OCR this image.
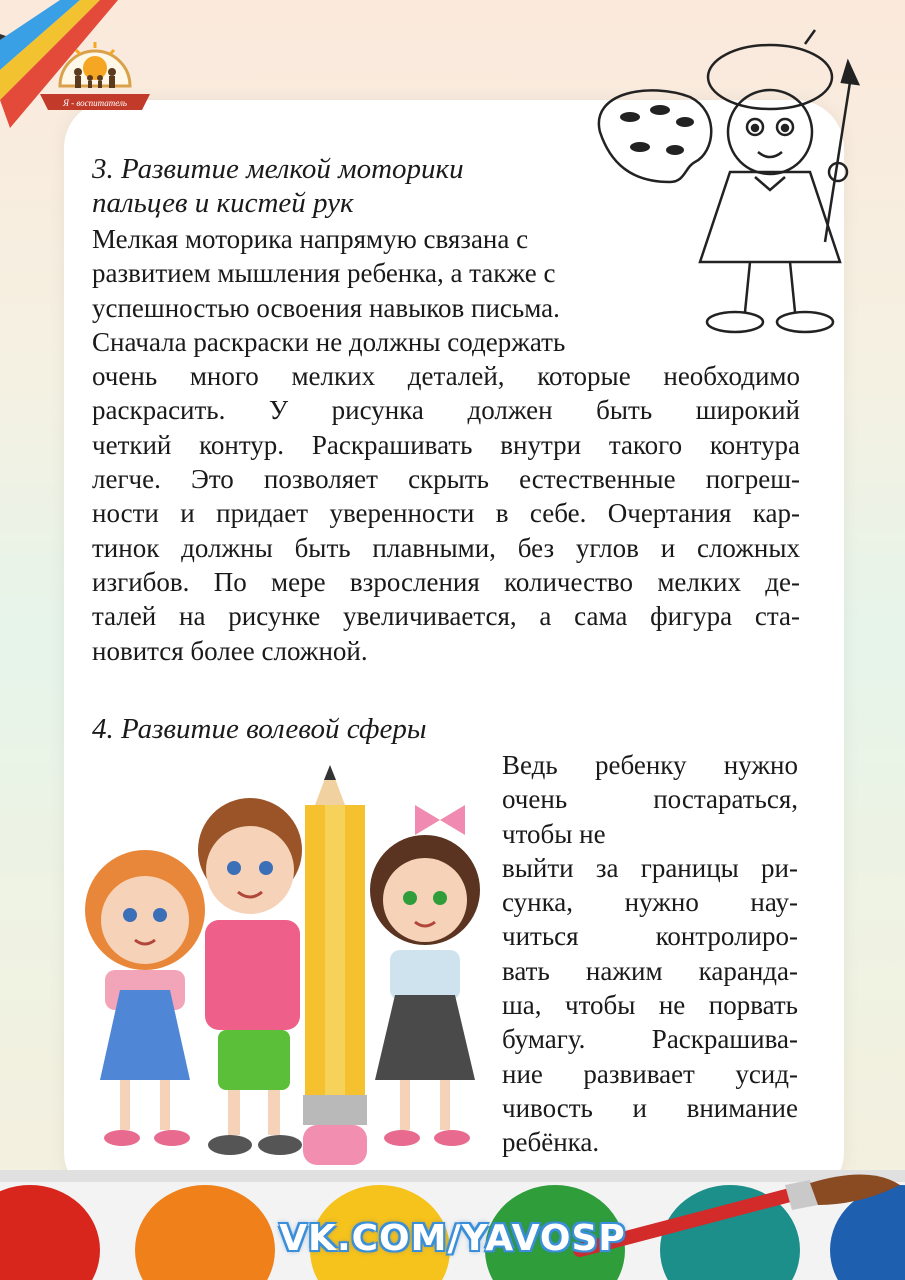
Я - воспитатель
3. Развитие мелкой моторики
пальцев и кистей рук
Мелкая моторика напрямую связана с
развитием мышления ребенка, а также с
успешностью освоения навыков письма.
Сначала раскраски не должны содержать
очень много мелких деталей, которые необходимо
раскрасить. У рисунка должен быть широкий
четкий контур. Раскрашивать внутри такого контура
легче. Это позволяет скрыть естественные погреш-
ности и придает уверенности в себе. Очертания кар-
тинок должны быть плавными, без углов и сложных
изгибов. По мере взросления количество мелких де-
талей на рисунке увеличивается, а сама фигура ста-
новится более сложной.
4. Развитие волевой сферы
Ведь ребенку нужно
очень постараться,
чтобы не
выйти за границы ри-
сунка, нужно нау-
читься контролиро-
вать нажим каранда-
ша, чтобы не порвать
бумагу. Раскрашива-
ние развивает усид-
чивость и внимание
ребёнка.
VK.COM/YAVOSP
